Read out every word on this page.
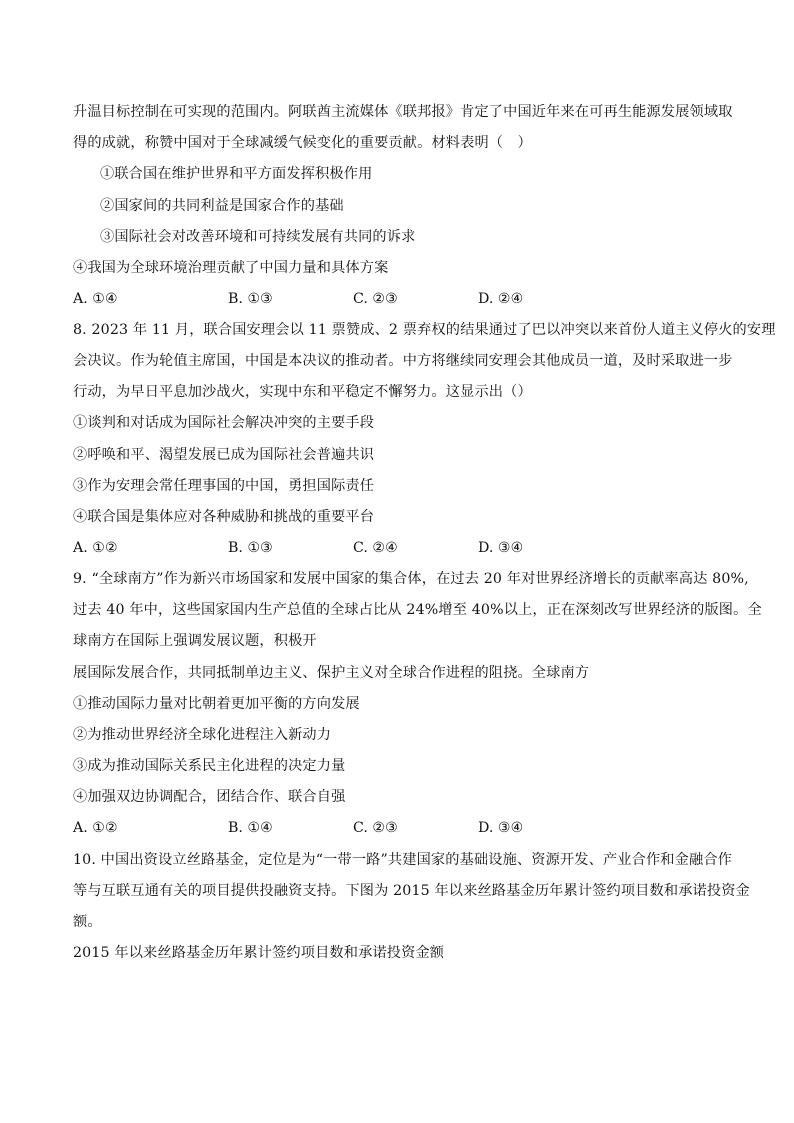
升温目标控制在可实现的范围内。阿联酋主流媒体《联邦报》肯定了中国近年来在可再生能源发展领域取
得的成就，称赞中国对于全球减缓气候变化的重要贡献。材料表明（　）
①联合国在维护世界和平方面发挥积极作用
②国家间的共同利益是国家合作的基础
③国际社会对改善环境和可持续发展有共同的诉求
④我国为全球环境治理贡献了中国力量和具体方案
A. ①④	B. ①③	C. ②③	D. ②④
8. 2023 年 11 月，联合国安理会以 11 票赞成、2 票弃权的结果通过了巴以冲突以来首份人道主义停火的安理
会决议。作为轮值主席国，中国是本决议的推动者。中方将继续同安理会其他成员一道，及时采取进一步
行动，为早日平息加沙战火，实现中东和平稳定不懈努力。这显示出（）
①谈判和对话成为国际社会解决冲突的主要手段
②呼唤和平、渴望发展已成为国际社会普遍共识
③作为安理会常任理事国的中国，勇担国际责任
④联合国是集体应对各种威胁和挑战的重要平台
A. ①②	B. ①③	C. ②④	D. ③④
9. “全球南方”作为新兴市场国家和发展中国家的集合体，在过去 20 年对世界经济增长的贡献率高达 80%,
过去 40 年中，这些国家国内生产总值的全球占比从 24%增至 40%以上，正在深刻改写世界经济的版图。全
球南方在国际上强调发展议题，积极开
展国际发展合作，共同抵制单边主义、保护主义对全球合作进程的阻挠。全球南方
①推动国际力量对比朝着更加平衡的方向发展
②为推动世界经济全球化进程注入新动力
③成为推动国际关系民主化进程的决定力量
④加强双边协调配合，团结合作、联合自强
A. ①②	B. ①④	C. ②③	D. ③④
10. 中国出资设立丝路基金，定位是为“一带一路”共建国家的基础设施、资源开发、产业合作和金融合作
等与互联互通有关的项目提供投融资支持。下图为 2015 年以来丝路基金历年累计签约项目数和承诺投资金
额。
2015 年以来丝路基金历年累计签约项目数和承诺投资金额
